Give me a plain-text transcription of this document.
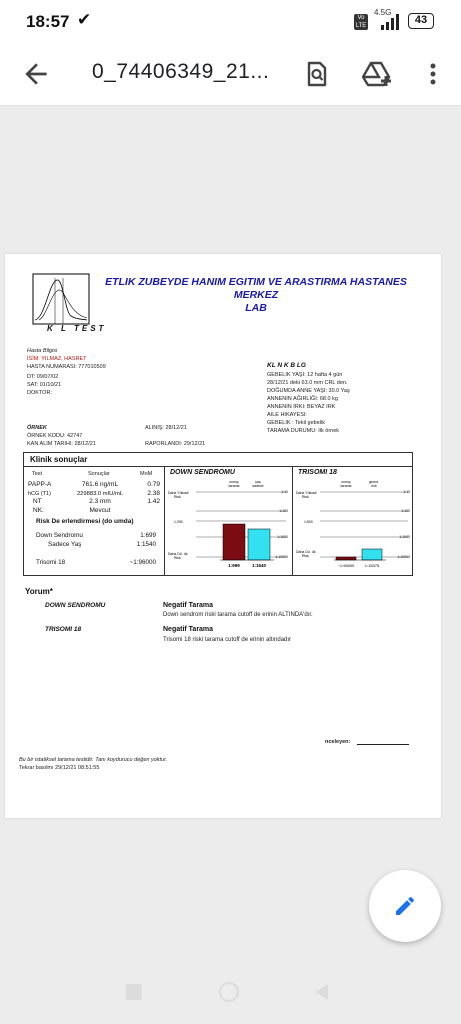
18:57 ✔	Vo LTE
4.5G
43
0_74406349_21...
K L TEST
ETLIK ZUBEYDE HANIM EGITIM VE ARASTIRMA HASTANES MERKEZ
LAB
Hasta Bilgisi
İSİM: YILMAZ, HASRET
HASTA NUMARASI: 777010509
DT: 09/07/02
SAT: 01/10/21
DOKTOR:
KL N K B LG
GEBELIK YAŞI: 12 hafta 4 gün
28/12/21 deki 63.0 mm CRL den.
DOĞUMDA ANNE YAŞI: 30.0 Yaş
ANNENIN AĞIRLIĞI: 68.0 kg
ANNENIN IRKI: BEYAZ IRK
AILE HIKAYESI:
GEBELIK : Tekil gebelik
TARAMA DURUMU: Ilk örnek
ÖRNEK
ÖRNEK KODU: 42747
KAN ALIM TARIHI: 28/12/21
ALINIŞ: 28/12/21
RAPORLANDI: 29/12/21
Klinik sonuçlar
Test	Sonuçlar	MoM
PAPP-A	761.6 ng/mL	0.79
hCG (T1)	229883.0 mIU/mL	2.38
NT	2.3 mm	1.42
NK:	Mevcut
Risk De erlendirmesi (do umda)
Down Sendromu	1:699
Sadece Yaş	1:1540
Trisomi 18	~1:96000
DOWN SENDROMU
sonuç
tarama
yaş
sadece
Daha Yüksek
Risk
Daha Dü. ük
Risk
1:250
1:10
1:100
1:1000
1:10000
1:699	1:1540
TRISOMI 18
sonuç
tarama
gecmi.
risk
Daha Yüksek
Risk
Daha Dü. ük
Risk
1:500
1:10
1:100
1:1000
1:10000
~1:96000	1:15375
Yorum*
DOWN SENDROMU	Negatif Tarama
Down sendrom riski tarama cutoff de erinin ALTINDA'dır.
TRISOMI 18	Negatif Tarama
Trisomi 18 riski tarama cutoff de erinin altındadır
nceleyen:
Bu bir istatiksel tarama testidir. Tanı koydurucu değen yoktur.
Tekrar basılmı 29/12/21 08:51:55
